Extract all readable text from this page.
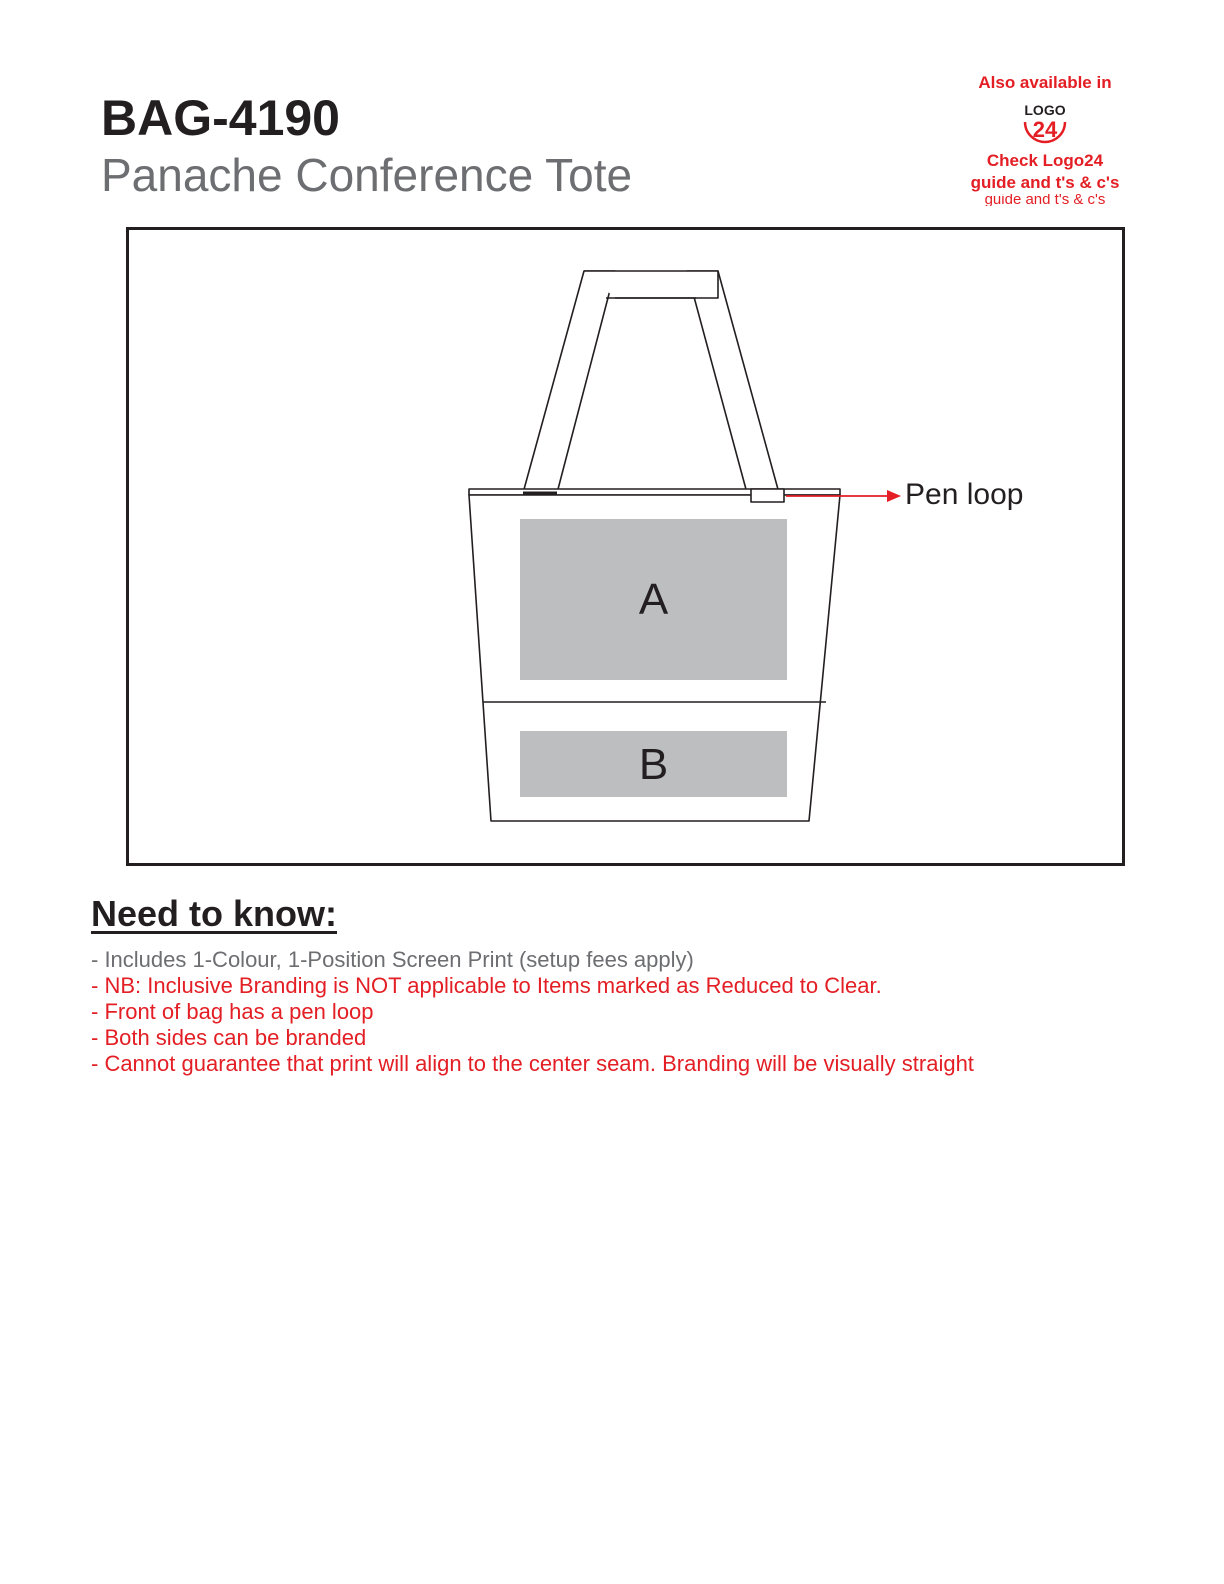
BAG-4190
Panache Conference Tote
Also available in
LOGO
24
Check Logo24
guide and t's & c's
guide and t's & c's
A
B
Pen loop
Need to know:
- Includes 1-Colour, 1-Position Screen Print (setup fees apply)
- NB: Inclusive Branding is NOT applicable to Items marked as Reduced to Clear.
- Front of bag has a pen loop
- Both sides can be branded
- Cannot guarantee that print will align to the center seam. Branding will be visually straight
